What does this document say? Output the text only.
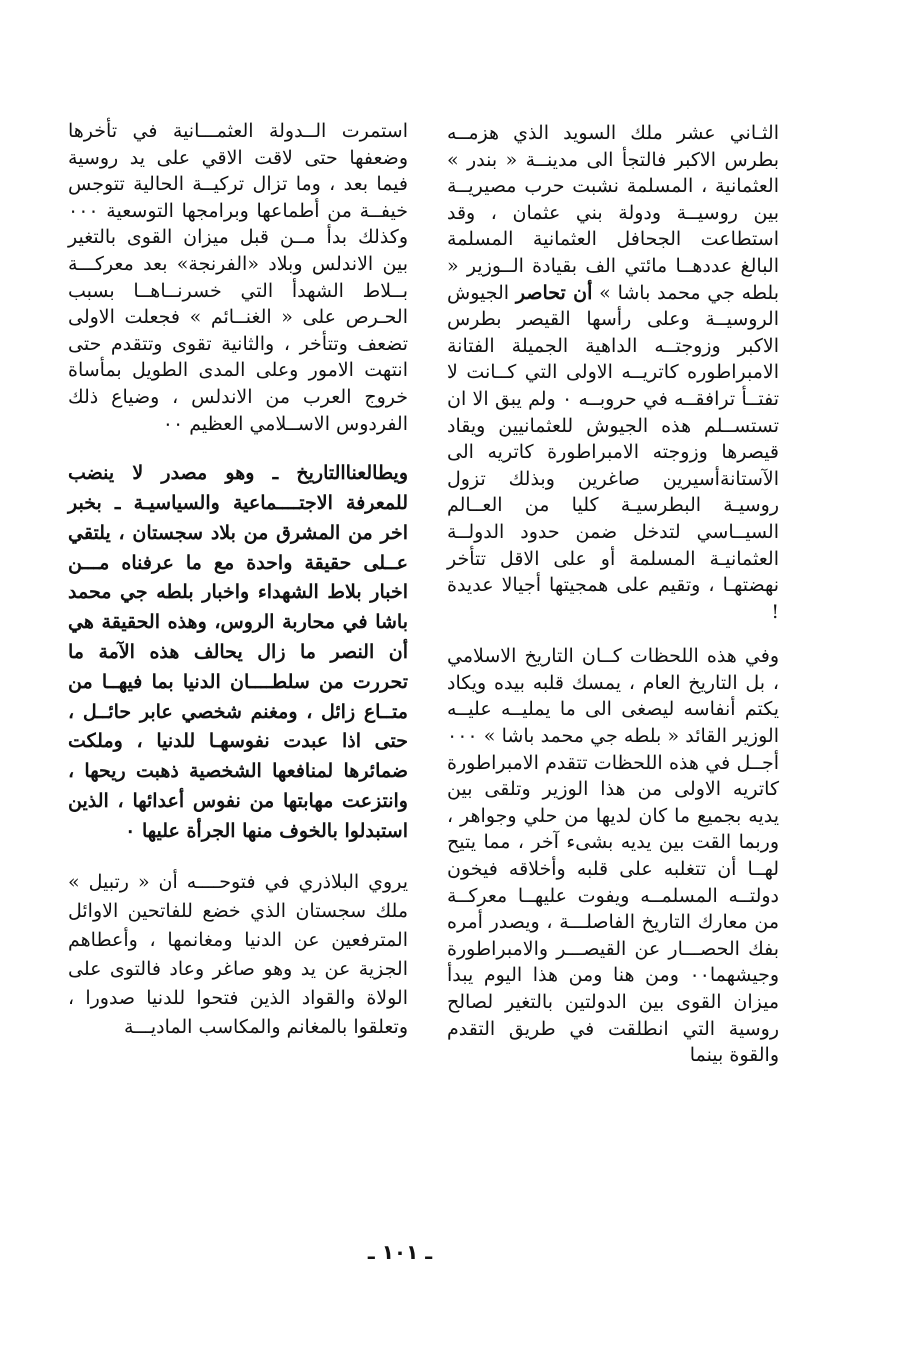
الثـاني عشر ملك السويد الذي هزمــه بطرس الاكبر فالتجأ الى مدينــة « بندر » العثمانية ، المسلمة نشبت حرب مصيريــة بين روسيــة ودولة بني عثمان ، وقد استطاعت الجحافل العثمانية المسلمة البالغ عددهــا مائتي الف بقيادة الــوزير « بلطه جي محمد باشا » أن تحاصر الجيوش الروسيــة وعلى رأسها القيصر بطرس الاكبر وزوجتــه الداهية الجميلة الفتانة الامبراطوره كاتريــه الاولى التي كــانت لا تفتــأ ترافقــه في حروبــه ٠ ولم يبق الا ان تستســلم هذه الجيوش للعثمانيين ويقاد قيصرها وزوجته الامبراطورة كاتريه الى الآستانةأسيرين صاغرين وبذلك تزول روسيـة البطرسيـة كليا من العــالم السيــاسي لتدخل ضمن حدود الدولــة العثمانيـة المسلمة أو على الاقل تتأخر نهضتهـا ، وتقيم على همجيتها أجيالا عديدة !

وفي هذه اللحظات كــان التاريخ الاسلامي ، بل التاريخ العام ، يمسك قلبه بيده ويكاد يكتم أنفاسه ليصغى الى ما يمليــه عليــه الوزير القائد « بلطه جي محمد باشا » ٠٠٠ أجــل في هذه اللحظات تتقدم الامبراطورة كاتريه الاولى من هذا الوزير وتلقى بين يديه بجميع ما كان لديها من حلي وجواهر ، وربما القت بين يديه بشىء آخر ، مما يتيح لهــا أن تتغلبه على قلبه وأخلاقه فيخون دولتــه المسلمــه ويفوت عليهــا معركــة من معارك التاريخ الفاصلـــة ، ويصدر أمره بفك الحصـــار عن القيصـــر والامبراطورة وجيشهما٠٠ ومن هنا ومن هذا اليوم يبدأ ميزان القوى بين الدولتين بالتغير لصالح روسية التي انطلقت في طريق التقدم والقوة بينما

استمرت الــدولة العثمـــانية في تأخرها وضعفها حتى لاقت الاقي على يد روسية فيما بعد ، وما تزال تركيــة الحالية تتوجس خيفــة من أطماعها وبرامجها التوسعية ٠٠٠ وكذلك بدأ مــن قبل ميزان القوى بالتغير بين الاندلس وبلاد «الفرنجة» بعد معركـــة بــلاط الشهدأ التي خسرنــاهــا بسبب الحـرص على « الغنــائم » فجعلت الاولى تضعف وتتأخر ، والثانية تقوى وتتقدم حتى انتهت الامور وعلى المدى الطويل بمأساة خروج العرب من الاندلس ، وضياع ذلك الفردوس الاســلامي العظيم ٠٠

ويطالعناالتاريخ ـ وهو مصدر لا ينضب للمعرفة الاجتــــماعية والسياسيـة ـ بخبر اخر من المشرق من بلاد سجستان ، يلتقي عــلى حقيقة واحدة مع ما عرفناه مـــن اخبار بلاط الشهداء واخبار بلطه جي محمد باشا في محاربة الروس، وهذه الحقيقة هي أن النصر ما زال يحالف هذه الآمة ما تحررت من سلطــــان الدنيا بما فيهــا من متــاع زائل ، ومغنم شخصي عابر حائــل ، حتى اذا عبدت نفوسهـا للدنيا ، وملكت ضمائرها لمنافعها الشخصية ذهبت ريحها ، وانتزعت مهابتها من نفوس أعدائها ، الذين استبدلوا بالخوف منها الجرأة عليها ٠

يروي البلاذري في فتوحــــه أن « رتبيل » ملك سجستان الذي خضع للفاتحين الاوائل المترفعين عن الدنيا ومغانمها ، وأعطاهم الجزية عن يد وهو صاغر وعاد فالتوى على الولاة والقواد الذين فتحوا للدنيا صدورا ، وتعلقوا بالمغانم والمكاسب الماديـــة

ـ ١٠١ ـ
